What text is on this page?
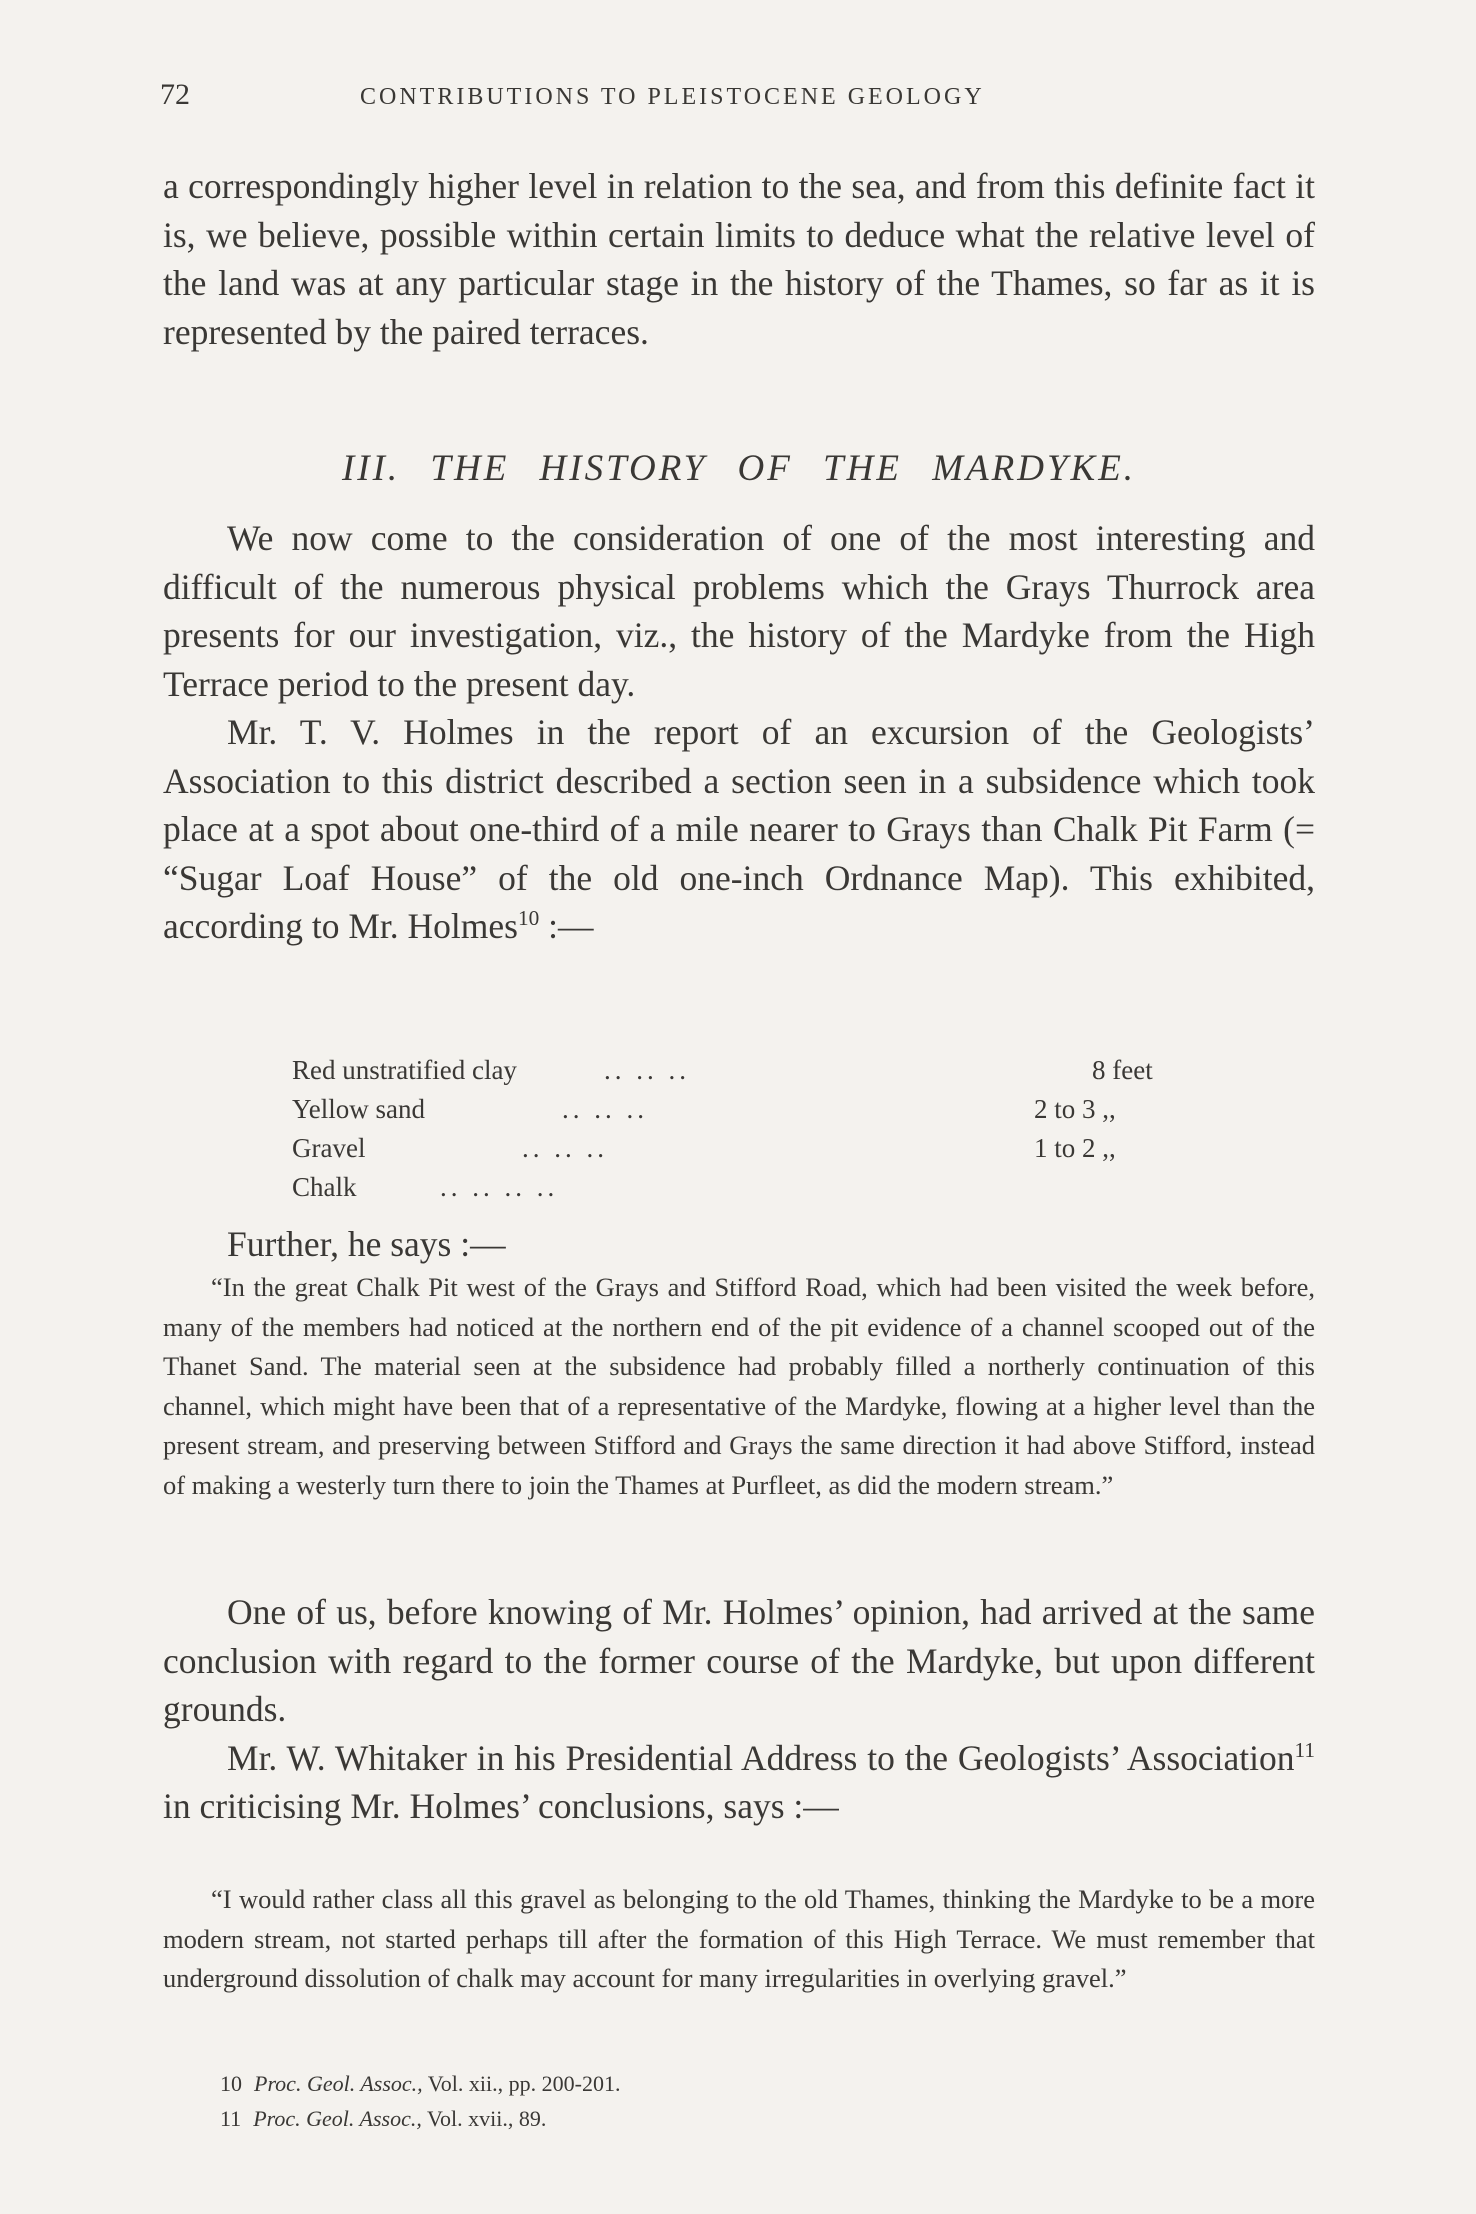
72	CONTRIBUTIONS TO PLEISTOCENE GEOLOGY

a correspondingly higher level in relation to the sea, and from this definite fact it is, we believe, possible within certain limits to deduce what the relative level of the land was at any particular stage in the history of the Thames, so far as it is represented by the paired terraces.

III. THE HISTORY OF THE MARDYKE.

We now come to the consideration of one of the most interesting and difficult of the numerous physical problems which the Grays Thurrock area presents for our investigation, viz., the history of the Mardyke from the High Terrace period to the present day.

Mr. T. V. Holmes in the report of an excursion of the Geologists’ Association to this district described a section seen in a subsidence which took place at a spot about one-third of a mile nearer to Grays than Chalk Pit Farm (= “Sugar Loaf House” of the old one-inch Ordnance Map). This exhibited, according to Mr. Holmes$^{10}$ :—

Red unstratified clay	.. .. ..	8 feet
Yellow sand	.. .. ..	2 to 3 ,,
Gravel	.. .. ..	1 to 2 ,,
Chalk	.. .. .. ..

Further, he says :—

“In the great Chalk Pit west of the Grays and Stifford Road, which had been visited the week before, many of the members had noticed at the northern end of the pit evidence of a channel scooped out of the Thanet Sand. The material seen at the subsidence had probably filled a northerly continuation of this channel, which might have been that of a representative of the Mardyke, flowing at a higher level than the present stream, and preserving between Stifford and Grays the same direction it had above Stifford, instead of making a westerly turn there to join the Thames at Purfleet, as did the modern stream.”

One of us, before knowing of Mr. Holmes’ opinion, had arrived at the same conclusion with regard to the former course of the Mardyke, but upon different grounds.

Mr. W. Whitaker in his Presidential Address to the Geologists’ Association$^{11}$ in criticising Mr. Holmes’ conclusions, says :—

“I would rather class all this gravel as belonging to the old Thames, thinking the Mardyke to be a more modern stream, not started perhaps till after the formation of this High Terrace. We must remember that underground dissolution of chalk may account for many irregularities in overlying gravel.”

10 Proc. Geol. Assoc., Vol. xii., pp. 200-201.
11 Proc. Geol. Assoc., Vol. xvii., 89.
